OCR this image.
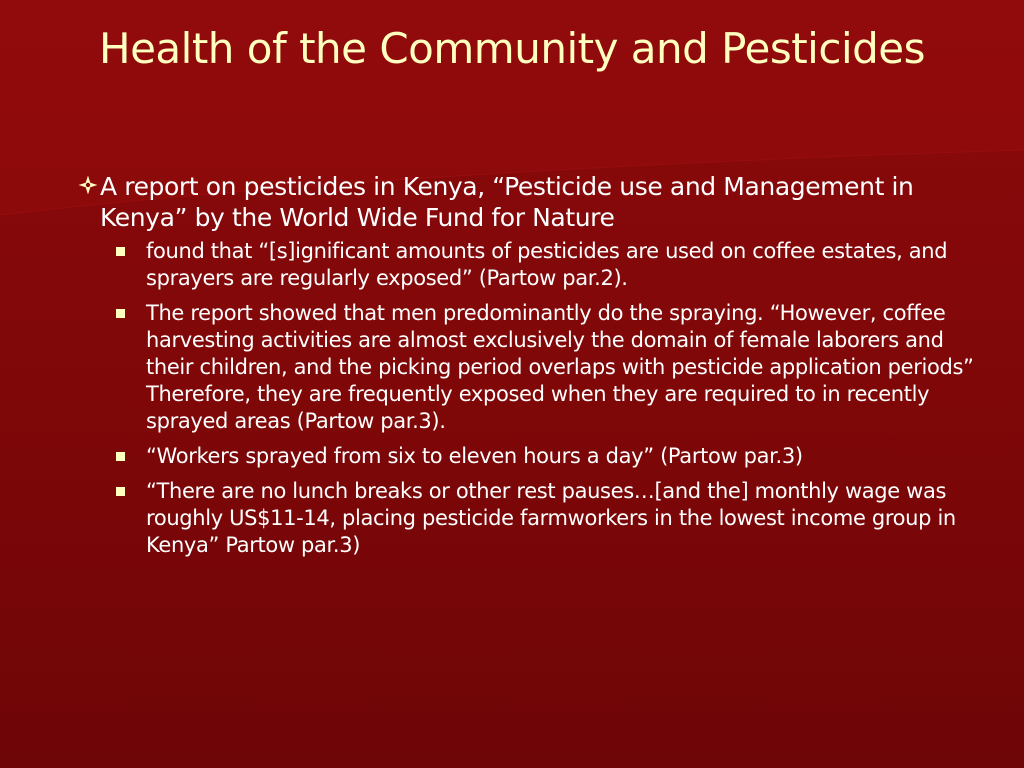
Health of the Community and Pesticides
A report on pesticides in Kenya, “Pesticide use and Management in Kenya” by the World Wide Fund for Nature
found that “[s]ignificant amounts of pesticides are used on coffee estates, and sprayers are regularly exposed” (Partow par.2).
The report showed that men predominantly do the spraying. “However, coffee harvesting activities are almost exclusively the domain of female laborers and their children, and the picking period overlaps with pesticide application periods” Therefore, they are frequently exposed when they are required to in recently sprayed areas (Partow par.3).
“Workers sprayed from six to eleven hours a day” (Partow par.3)
“There are no lunch breaks or other rest pauses…[and the] monthly wage was roughly US$11-14, placing pesticide farmworkers in the lowest income group in Kenya” Partow par.3)
